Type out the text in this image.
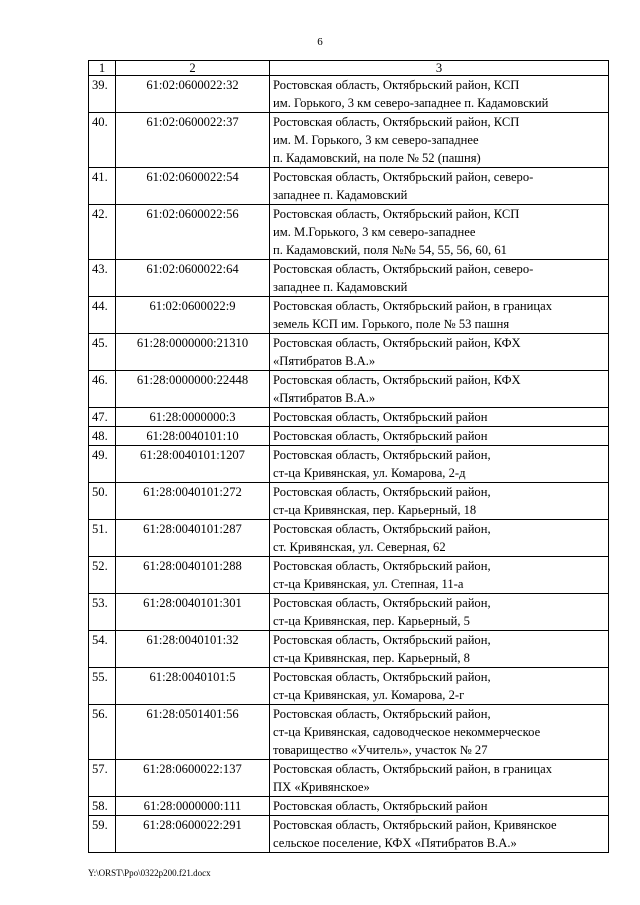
6
1	2	3
39.	61:02:0600022:32	Ростовская область, Октябрьский район, КСП
им. Горького, 3 км северо-западнее п. Кадамовский
40.	61:02:0600022:37	Ростовская область, Октябрьский район, КСП
им. М. Горького, 3 км северо-западнее
п. Кадамовский, на поле № 52 (пашня)
41.	61:02:0600022:54	Ростовская область, Октябрьский район, северо-
западнее п. Кадамовский
42.	61:02:0600022:56	Ростовская область, Октябрьский район, КСП
им. М.Горького, 3 км северо-западнее
п. Кадамовский, поля №№ 54, 55, 56, 60, 61
43.	61:02:0600022:64	Ростовская область, Октябрьский район, северо-
западнее п. Кадамовский
44.	61:02:0600022:9	Ростовская область, Октябрьский район, в границах
земель КСП им. Горького, поле № 53 пашня
45.	61:28:0000000:21310	Ростовская область, Октябрьский район, КФХ
«Пятибратов В.А.»
46.	61:28:0000000:22448	Ростовская область, Октябрьский район, КФХ
«Пятибратов В.А.»
47.	61:28:0000000:3	Ростовская область, Октябрьский район
48.	61:28:0040101:10	Ростовская область, Октябрьский район
49.	61:28:0040101:1207	Ростовская область, Октябрьский район,
ст-ца Кривянская, ул. Комарова, 2-д
50.	61:28:0040101:272	Ростовская область, Октябрьский район,
ст-ца Кривянская, пер. Карьерный, 18
51.	61:28:0040101:287	Ростовская область, Октябрьский район,
ст. Кривянская, ул. Северная, 62
52.	61:28:0040101:288	Ростовская область, Октябрьский район,
ст-ца Кривянская, ул. Степная, 11-а
53.	61:28:0040101:301	Ростовская область, Октябрьский район,
ст-ца Кривянская, пер. Карьерный, 5
54.	61:28:0040101:32	Ростовская область, Октябрьский район,
ст-ца Кривянская, пер. Карьерный, 8
55.	61:28:0040101:5	Ростовская область, Октябрьский район,
ст-ца Кривянская, ул. Комарова, 2-г
56.	61:28:0501401:56	Ростовская область, Октябрьский район,
ст-ца Кривянская, садоводческое некоммерческое
товарищество «Учитель», участок № 27
57.	61:28:0600022:137	Ростовская область, Октябрьский район, в границах
ПХ «Кривянское»
58.	61:28:0000000:111	Ростовская область, Октябрьский район
59.	61:28:0600022:291	Ростовская область, Октябрьский район, Кривянское
сельское поселение, КФХ «Пятибратов В.А.»
Y:\ORST\Ppo\0322p200.f21.docx
